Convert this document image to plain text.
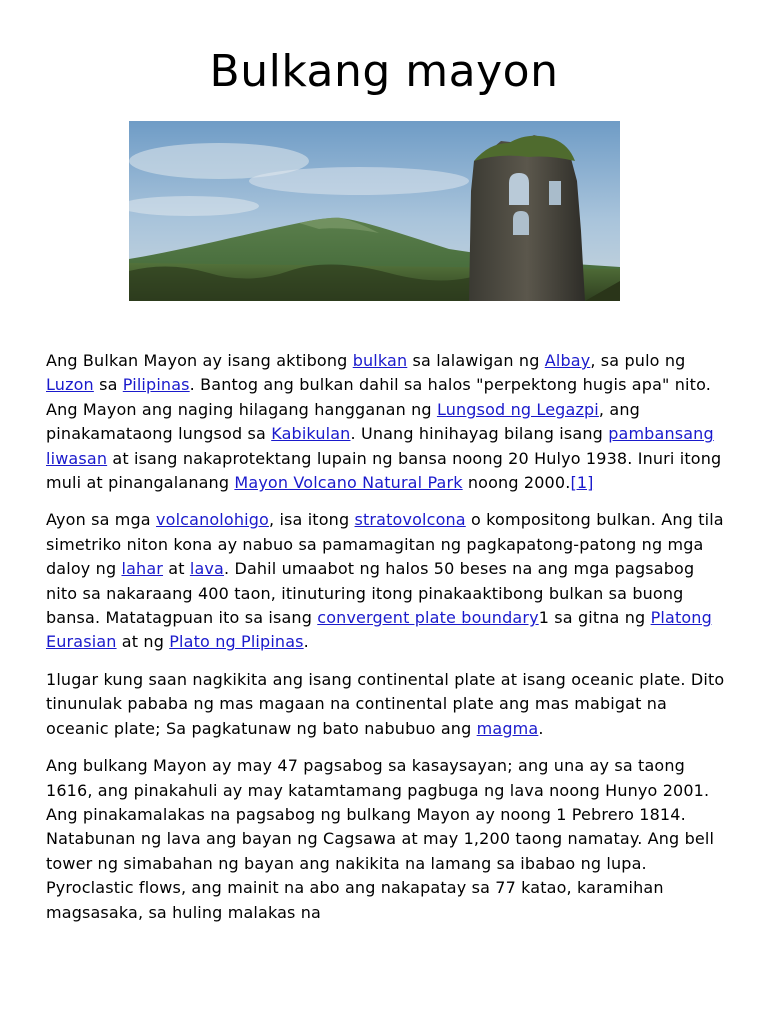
Bulkang mayon

Ang Bulkan Mayon ay isang aktibong bulkan sa lalawigan ng Albay, sa pulo ng Luzon sa Pilipinas. Bantog ang bulkan dahil sa halos "perpektong hugis apa" nito. Ang Mayon ang naging hilagang hangganan ng Lungsod ng Legazpi, ang pinakamataong lungsod sa Kabikulan. Unang hinihayag bilang isang pambansang liwasan at isang nakaprotektang lupain ng bansa noong 20 Hulyo 1938. Inuri itong muli at pinangalanang Mayon Volcano Natural Park noong 2000.[1]

Ayon sa mga volcanolohigo, isa itong stratovolcona o kompositong bulkan. Ang tila simetriko niton kona ay nabuo sa pamamagitan ng pagkapatong-patong ng mga daloy ng lahar at lava. Dahil umaabot ng halos 50 beses na ang mga pagsabog nito sa nakaraang 400 taon, itinuturing itong pinakaaktibong bulkan sa buong bansa. Matatagpuan ito sa isang convergent plate boundary1 sa gitna ng Platong Eurasian at ng Plato ng Plipinas.

1lugar kung saan nagkikita ang isang continental plate at isang oceanic plate. Dito tinunulak pababa ng mas magaan na continental plate ang mas mabigat na oceanic plate; Sa pagkatunaw ng bato nabubuo ang magma.

Ang bulkang Mayon ay may 47 pagsabog sa kasaysayan; ang una ay sa taong 1616, ang pinakahuli ay may katamtamang pagbuga ng lava noong Hunyo 2001. Ang pinakamalakas na pagsabog ng bulkang Mayon ay noong 1 Pebrero 1814. Natabunan ng lava ang bayan ng Cagsawa at may 1,200 taong namatay. Ang bell tower ng simabahan ng bayan ang nakikita na lamang sa ibabao ng lupa. Pyroclastic flows, ang mainit na abo ang nakapatay sa 77 katao, karamihan magsasaka, sa huling malakas na
